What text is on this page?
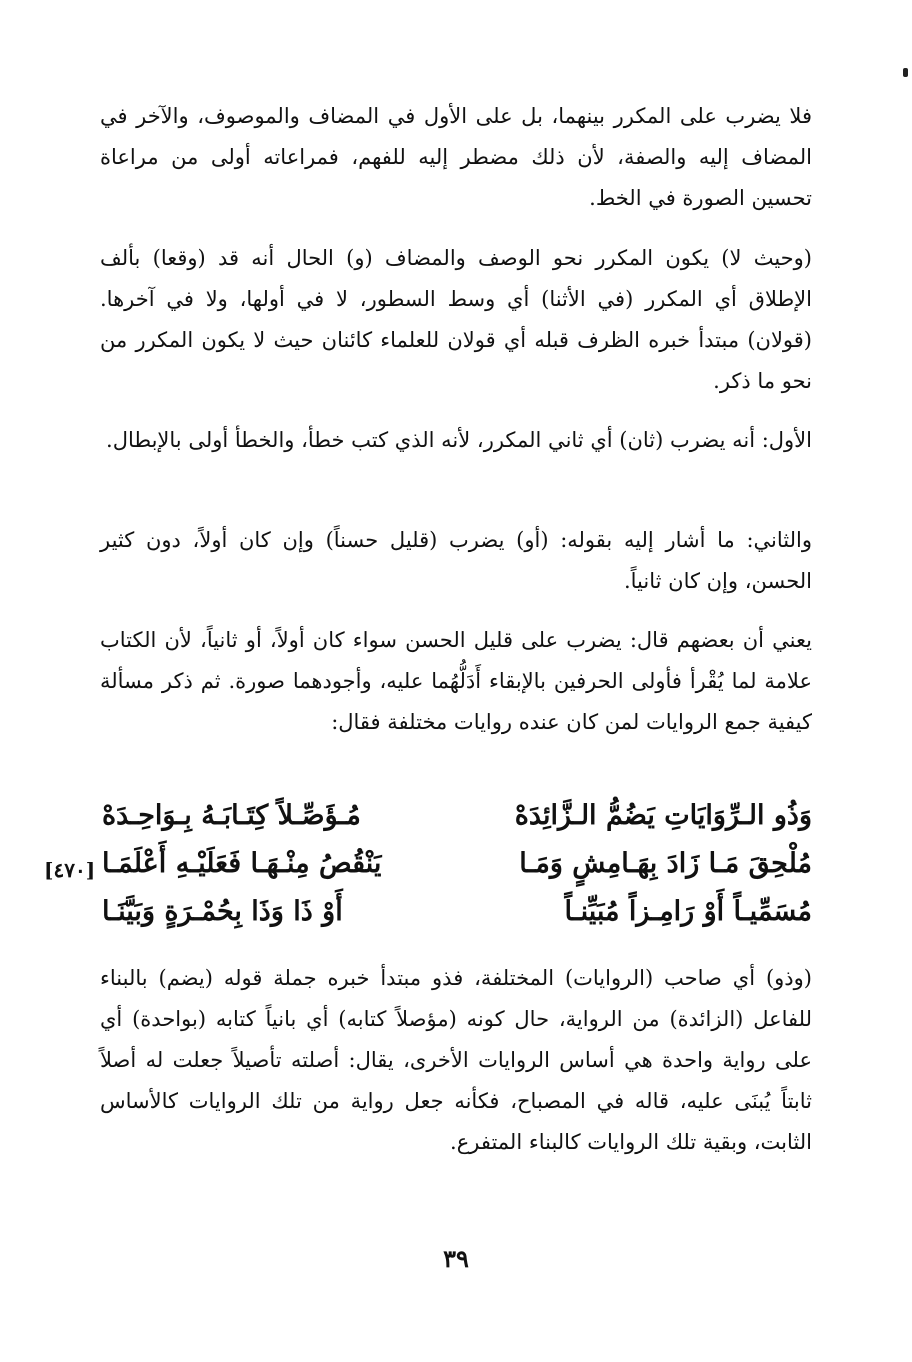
فلا يضرب على المكرر بينهما، بل على الأول في المضاف والموصوف، والآخر في المضاف إليه والصفة، لأن ذلك مضطر إليه للفهم، فمراعاته أولى من مراعاة تحسين الصورة في الخط.

(وحيث لا) يكون المكرر نحو الوصف والمضاف (و) الحال أنه قد (وقعا) بألف الإطلاق أي المكرر (في الأثنا) أي وسط السطور، لا في أولها، ولا في آخرها. (قولان) مبتدأ خبره الظرف قبله أي قولان للعلماء كائنان حيث لا يكون المكرر من نحو ما ذكر.

الأول: أنه يضرب (ثان) أي ثاني المكرر، لأنه الذي كتب خطأ، والخطأ أولى بالإبطال.

والثاني: ما أشار إليه بقوله: (أو) يضرب (قليل حسناً) وإن كان أولاً، دون كثير الحسن، وإن كان ثانياً.

يعني أن بعضهم قال: يضرب على قليل الحسن سواء كان أولاً، أو ثانياً، لأن الكتاب علامة لما يُقْرأ فأولى الحرفين بالإبقاء أَدَلُّهُما عليه، وأجودهما صورة. ثم ذكر مسألة كيفية جمع الروايات لمن كان عنده روايات مختلفة فقال:

وَذُو الـرِّوَايَاتِ يَضُمُّ الـزَّائِدَهْ
مُـؤَصِّـلاً كِتَـابَـهُ بِـوَاحِـدَهْ
مُلْحِقَ مَـا زَادَ بِهَـامِشٍ وَمَـا
يَنْقُصُ مِنْـهَـا فَعَلَيْـهِ أَعْلَمَـا
[٤٧٠]
مُسَمِّيـاً أَوْ رَامِـزاً مُبَيِّنـاً
أَوْ ذَا وَذَا بِحُمْـرَةٍ وَبَيَّنَـا

(وذو) أي صاحب (الروايات) المختلفة، فذو مبتدأ خبره جملة قوله (يضم) بالبناء للفاعل (الزائدة) من الرواية، حال كونه (مؤصلاً كتابه) أي بانياً كتابه (بواحدة) أي على رواية واحدة هي أساس الروايات الأخرى، يقال: أصلته تأصيلاً جعلت له أصلاً ثابتاً يُبنَى عليه، قاله في المصباح، فكأنه جعل رواية من تلك الروايات كالأساس الثابت، وبقية تلك الروايات كالبناء المتفرع.

٣٩
